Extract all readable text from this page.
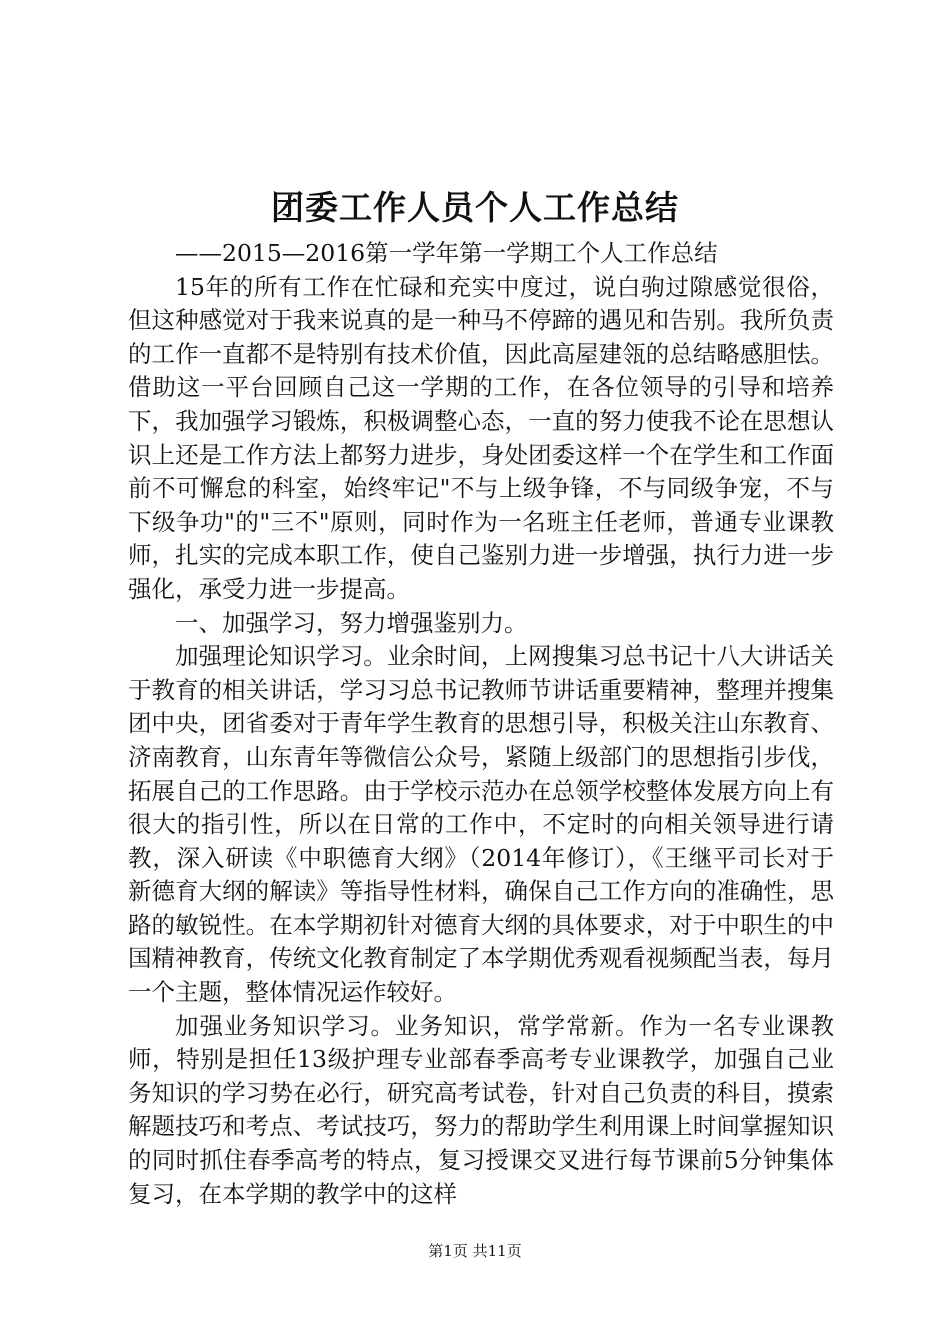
团委工作人员个人工作总结

——2015—2016第一学年第一学期工个人工作总结

15年的所有工作在忙碌和充实中度过，说白驹过隙感觉很俗，但这种感觉对于我来说真的是一种马不停蹄的遇见和告别。我所负责的工作一直都不是特别有技术价值，因此高屋建瓴的总结略感胆怯。借助这一平台回顾自己这一学期的工作，在各位领导的引导和培养下，我加强学习锻炼，积极调整心态，一直的努力使我不论在思想认识上还是工作方法上都努力进步，身处团委这样一个在学生和工作面前不可懈怠的科室，始终牢记"不与上级争锋，不与同级争宠，不与下级争功"的"三不"原则，同时作为一名班主任老师，普通专业课教师，扎实的完成本职工作，使自己鉴别力进一步增强，执行力进一步强化，承受力进一步提高。

一、加强学习，努力增强鉴别力。

加强理论知识学习。业余时间，上网搜集习总书记十八大讲话关于教育的相关讲话，学习习总书记教师节讲话重要精神，整理并搜集团中央，团省委对于青年学生教育的思想引导，积极关注山东教育、济南教育，山东青年等微信公众号，紧随上级部门的思想指引步伐，拓展自己的工作思路。由于学校示范办在总领学校整体发展方向上有很大的指引性，所以在日常的工作中，不定时的向相关领导进行请教，深入研读《中职德育大纲》（2014年修订），《王继平司长对于新德育大纲的解读》等指导性材料，确保自己工作方向的准确性，思路的敏锐性。在本学期初针对德育大纲的具体要求，对于中职生的中国精神教育，传统文化教育制定了本学期优秀观看视频配当表，每月一个主题，整体情况运作较好。

加强业务知识学习。业务知识，常学常新。作为一名专业课教师，特别是担任13级护理专业部春季高考专业课教学，加强自己业务知识的学习势在必行，研究高考试卷，针对自己负责的科目，摸索解题技巧和考点、考试技巧，努力的帮助学生利用课上时间掌握知识的同时抓住春季高考的特点，复习授课交叉进行每节课前5分钟集体复习，在本学期的教学中的这样

第1页 共11页
